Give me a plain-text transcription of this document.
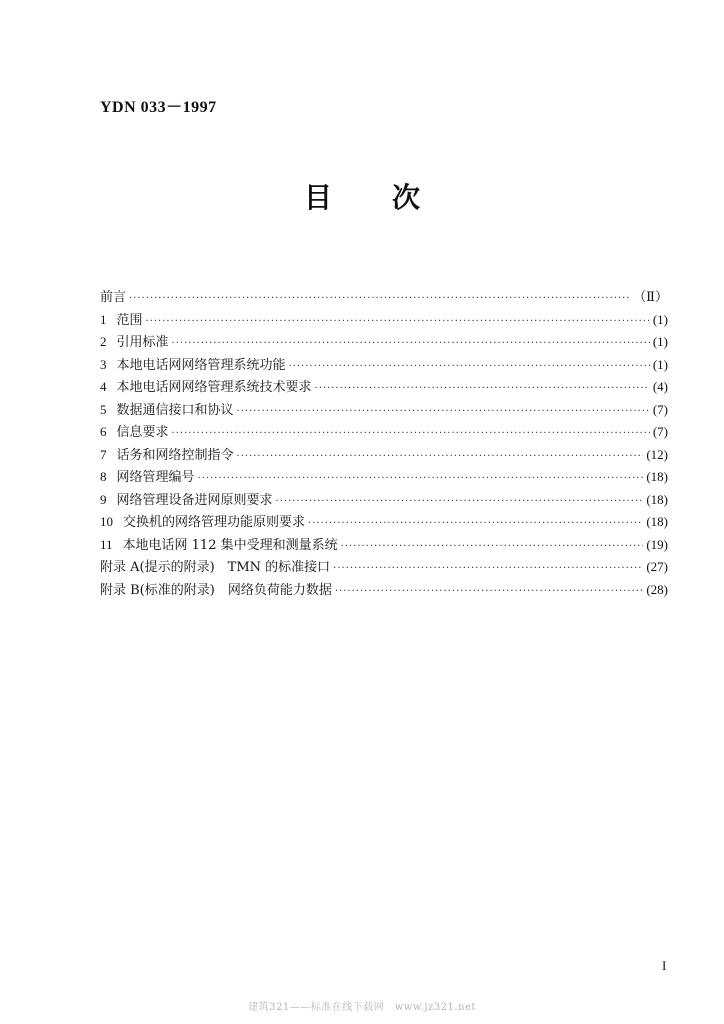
YDN 033－1997
目次
前言 ·····	（Ⅱ）
1 范围 ·····	(1)
2 引用标准 ·····	(1)
3 本地电话网网络管理系统功能 ·····	(1)
4 本地电话网网络管理系统技术要求 ·····	(4)
5 数据通信接口和协议 ·····	(7)
6 信息要求 ·····	(7)
7 话务和网络控制指令 ·····	(12)
8 网络管理编号 ·····	(18)
9 网络管理设备进网原则要求 ·····	(18)
10 交换机的网络管理功能原则要求 ·····	(18)
11 本地电话网 112 集中受理和测量系统 ·····	(19)
附录 A(提示的附录)　TMN 的标准接口 ·····	(27)
附录 B(标准的附录)　网络负荷能力数据 ·····	(28)
I
建筑321——标准在线下载网　www.jz321.net
